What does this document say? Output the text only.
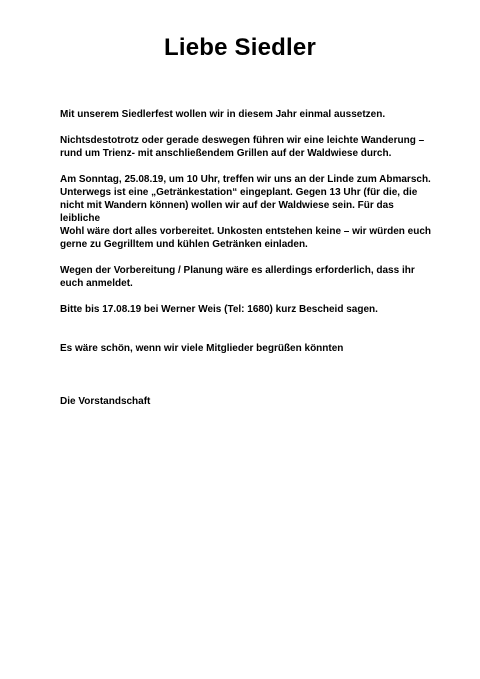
Liebe Siedler

Mit unserem Siedlerfest wollen wir in diesem Jahr einmal aussetzen.

Nichtsdestotrotz oder gerade deswegen führen wir eine leichte Wanderung –
rund um Trienz- mit anschließendem Grillen auf der Waldwiese durch.

Am Sonntag, 25.08.19, um 10 Uhr, treffen wir uns an der Linde zum Abmarsch.
Unterwegs ist eine „Getränkestation“ eingeplant. Gegen 13 Uhr (für die, die
nicht mit Wandern können) wollen wir auf der Waldwiese sein. Für das leibliche
Wohl wäre dort alles vorbereitet. Unkosten entstehen keine – wir würden euch
gerne zu Gegrilltem und kühlen Getränken einladen.

Wegen der Vorbereitung / Planung wäre es allerdings erforderlich, dass ihr
euch anmeldet.

Bitte bis 17.08.19 bei Werner Weis (Tel: 1680) kurz Bescheid sagen.

Es wäre schön, wenn wir viele Mitglieder begrüßen könnten

Die Vorstandschaft
